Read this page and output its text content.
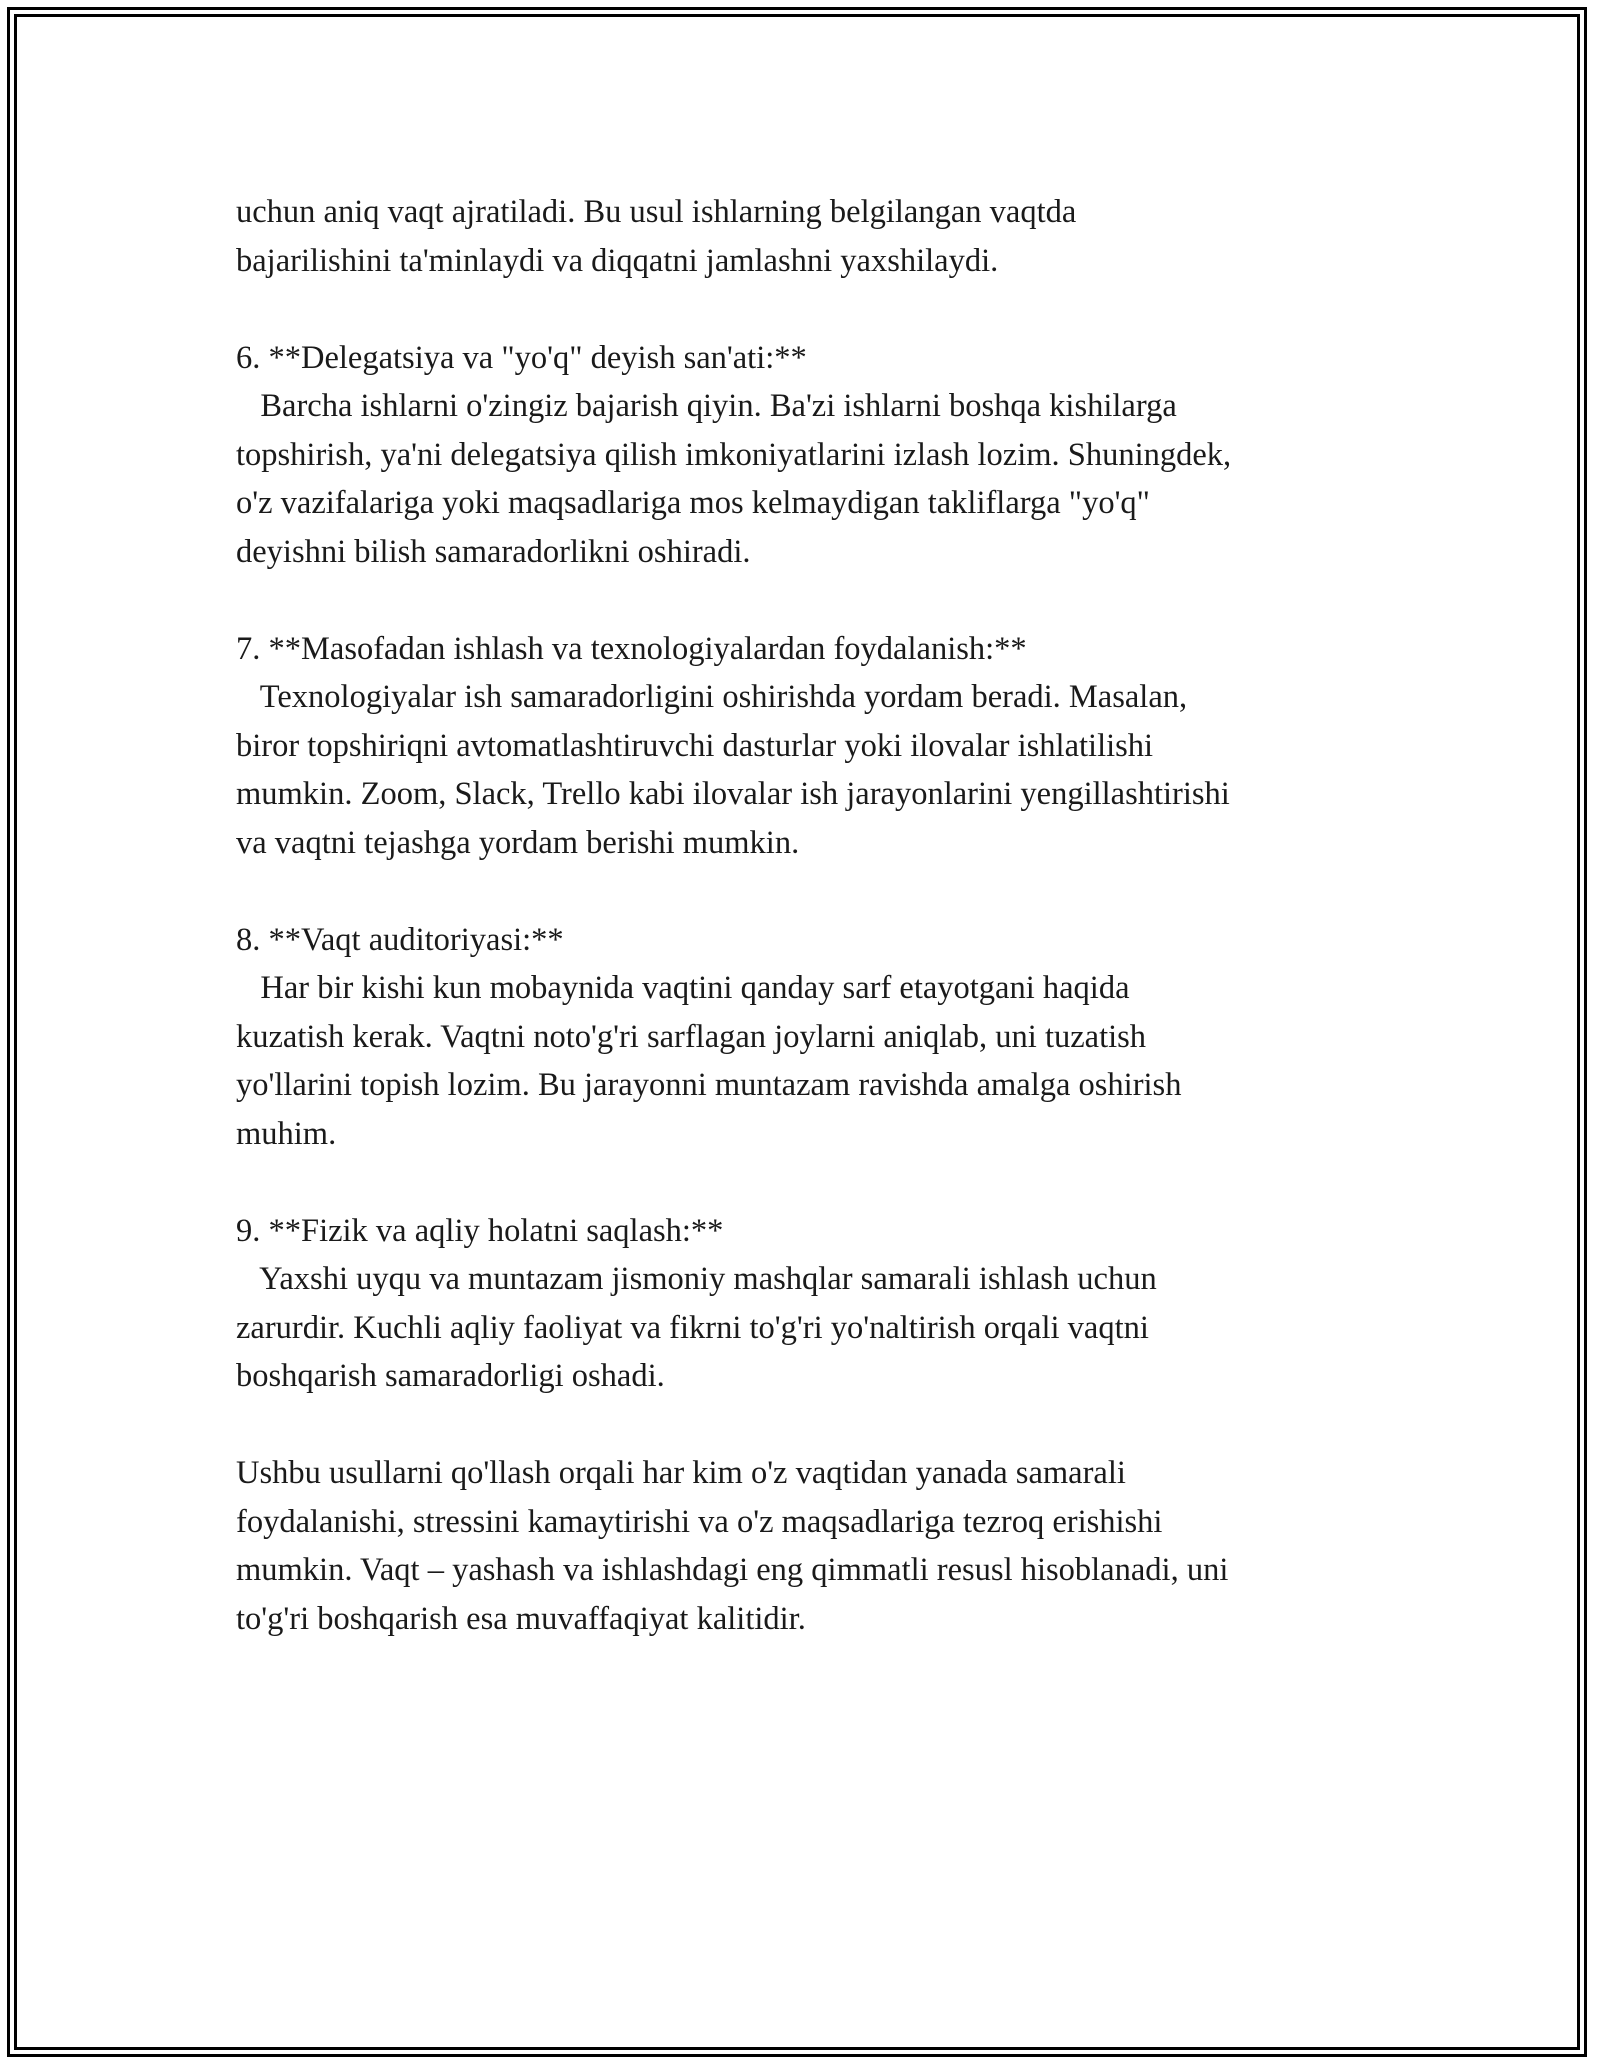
uchun aniq vaqt ajratiladi. Bu usul ishlarning belgilangan vaqtda
bajarilishini ta'minlaydi va diqqatni jamlashni yaxshilaydi.
6. **Delegatsiya va "yo'q" deyish san'ati:**
Barcha ishlarni o'zingiz bajarish qiyin. Ba'zi ishlarni boshqa kishilarga
topshirish, ya'ni delegatsiya qilish imkoniyatlarini izlash lozim. Shuningdek,
o'z vazifalariga yoki maqsadlariga mos kelmaydigan takliflarga "yo'q"
deyishni bilish samaradorlikni oshiradi.
7. **Masofadan ishlash va texnologiyalardan foydalanish:**
Texnologiyalar ish samaradorligini oshirishda yordam beradi. Masalan,
biror topshiriqni avtomatlashtiruvchi dasturlar yoki ilovalar ishlatilishi
mumkin. Zoom, Slack, Trello kabi ilovalar ish jarayonlarini yengillashtirishi
va vaqtni tejashga yordam berishi mumkin.
8. **Vaqt auditoriyasi:**
Har bir kishi kun mobaynida vaqtini qanday sarf etayotgani haqida
kuzatish kerak. Vaqtni noto'g'ri sarflagan joylarni aniqlab, uni tuzatish
yo'llarini topish lozim. Bu jarayonni muntazam ravishda amalga oshirish
muhim.
9. **Fizik va aqliy holatni saqlash:**
Yaxshi uyqu va muntazam jismoniy mashqlar samarali ishlash uchun
zarurdir. Kuchli aqliy faoliyat va fikrni to'g'ri yo'naltirish orqali vaqtni
boshqarish samaradorligi oshadi.
Ushbu usullarni qo'llash orqali har kim o'z vaqtidan yanada samarali
foydalanishi, stressini kamaytirishi va o'z maqsadlariga tezroq erishishi
mumkin. Vaqt – yashash va ishlashdagi eng qimmatli resusl hisoblanadi, uni
to'g'ri boshqarish esa muvaffaqiyat kalitidir.
